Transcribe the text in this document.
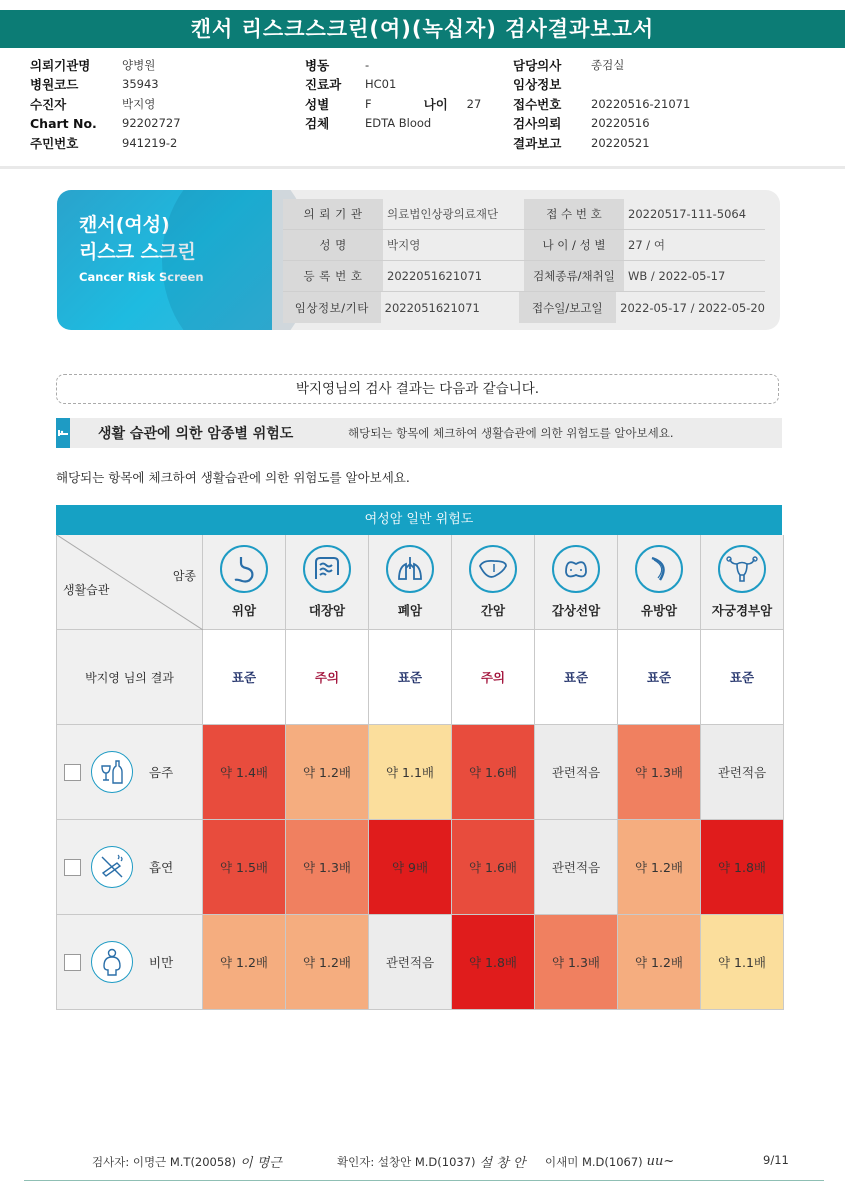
캔서 리스크스크린(여)(녹십자) 검사결과보고서
의뢰기관명	양병원	병동	-	담당의사	종검실
병원코드	35943	진료과	HC01	임상정보
수진자	박지영	성별	F	나이	27	접수번호	20220516-21071
Chart No.	92202727	검체	EDTA Blood	검사의뢰	20220516
주민번호	941219-2	결과보고	20220521
캔서(여성)
리스크 스크린
Cancer Risk Screen
의 뢰 기 관	의료법인상광의료재단	접 수 번 호	20220517-111-5064
성 명	박지영	나 이 / 성 별	27 / 여
등 록 번 호	2022051621071	검체종류/채취일	WB / 2022-05-17
임상정보/기타	2022051621071	접수일/보고일	2022-05-17 / 2022-05-20
박지영님의 검사 결과는 다음과 같습니다.
생활 습관에 의한 암종별 위험도	해당되는 항목에 체크하여 생활습관에 의한 위험도를 알아보세요.
해당되는 항목에 체크하여 생활습관에 의한 위험도를 알아보세요.
여성암 일반 위험도
암종
생활습관
위암	대장암	폐암	간암	갑상선암	유방암	자궁경부암
박지영 님의 결과	표준	주의	표준	주의	표준	표준	표준
음주	약 1.4배	약 1.2배	약 1.1배	약 1.6배	관련적음	약 1.3배	관련적음
흡연	약 1.5배	약 1.3배	약 9배	약 1.6배	관련적음	약 1.2배	약 1.8배
비만	약 1.2배	약 1.2배	관련적음	약 1.8배	약 1.3배	약 1.2배	약 1.1배
검사자: 이명근 M.T(20058) 이 명근	확인자: 설창안 M.D(1037) 설 창 안 이새미 M.D(1067) uu~	9/11
